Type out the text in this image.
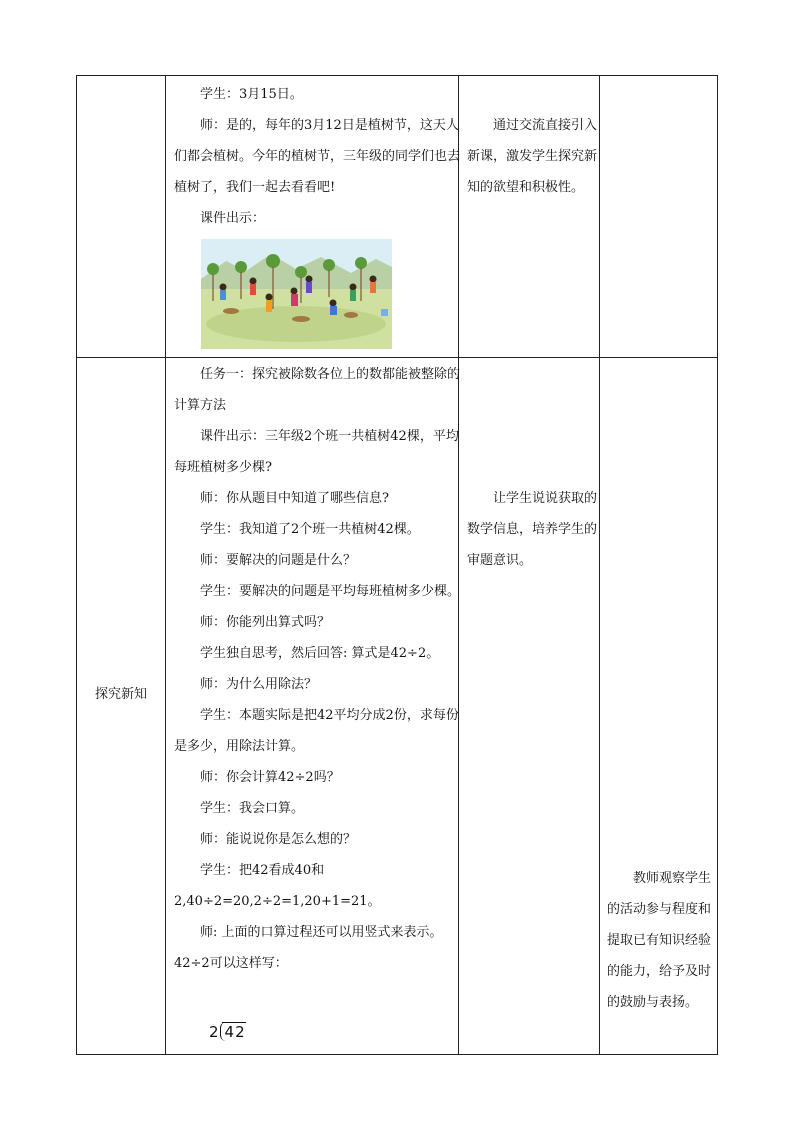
学生：3月15日。

师：是的，每年的3月12日是植树节，这天人们都会植树。今年的植树节，三年级的同学们也去植树了，我们一起去看看吧!

课件出示：

通过交流直接引入新课，激发学生探究新知的欲望和积极性。

探究新知

任务一：探究被除数各位上的数都能被整除的计算方法

课件出示：三年级2个班一共植树42棵，平均每班植树多少棵?

师：你从题目中知道了哪些信息?

学生：我知道了2个班一共植树42棵。

师：要解决的问题是什么？

学生：要解决的问题是平均每班植树多少棵。

师：你能列出算式吗？

学生独自思考，然后回答: 算式是42÷2。

师：为什么用除法？

学生：本题实际是把42平均分成2份，求每份是多少，用除法计算。

师：你会计算42÷2吗？

学生：我会口算。

师：能说说你是怎么想的？

学生：把42看成40和2,40÷2=20,2÷2=1,20+1=21。

师: 上面的口算过程还可以用竖式来表示。42÷2可以这样写：

2 42

让学生说说获取的数学信息，培养学生的审题意识。

教师观察学生的活动参与程度和提取已有知识经验的能力，给予及时的鼓励与表扬。
